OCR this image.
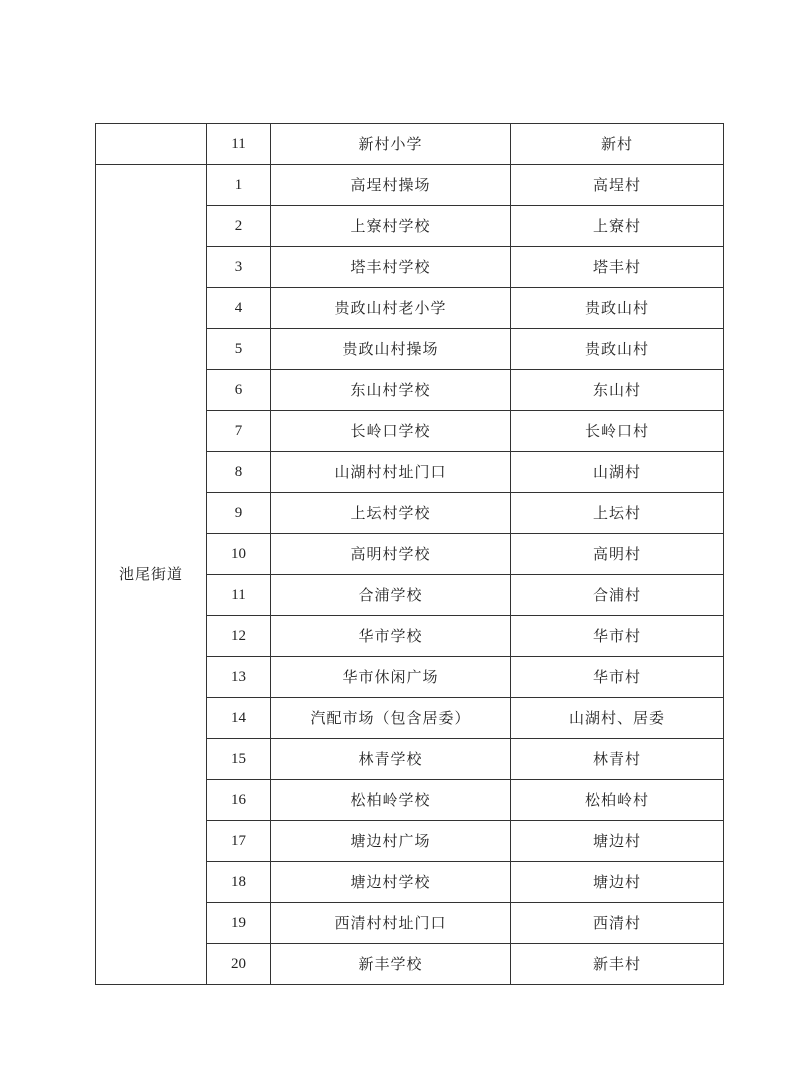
	11	新村小学	新村
池尾街道	1	高埕村操场	高埕村
	2	上寮村学校	上寮村
	3	塔丰村学校	塔丰村
	4	贵政山村老小学	贵政山村
	5	贵政山村操场	贵政山村
	6	东山村学校	东山村
	7	长岭口学校	长岭口村
	8	山湖村村址门口	山湖村
	9	上坛村学校	上坛村
	10	高明村学校	高明村
	11	合浦学校	合浦村
	12	华市学校	华市村
	13	华市休闲广场	华市村
	14	汽配市场（包含居委）	山湖村、居委
	15	林青学校	林青村
	16	松柏岭学校	松柏岭村
	17	塘边村广场	塘边村
	18	塘边村学校	塘边村
	19	西清村村址门口	西清村
	20	新丰学校	新丰村
